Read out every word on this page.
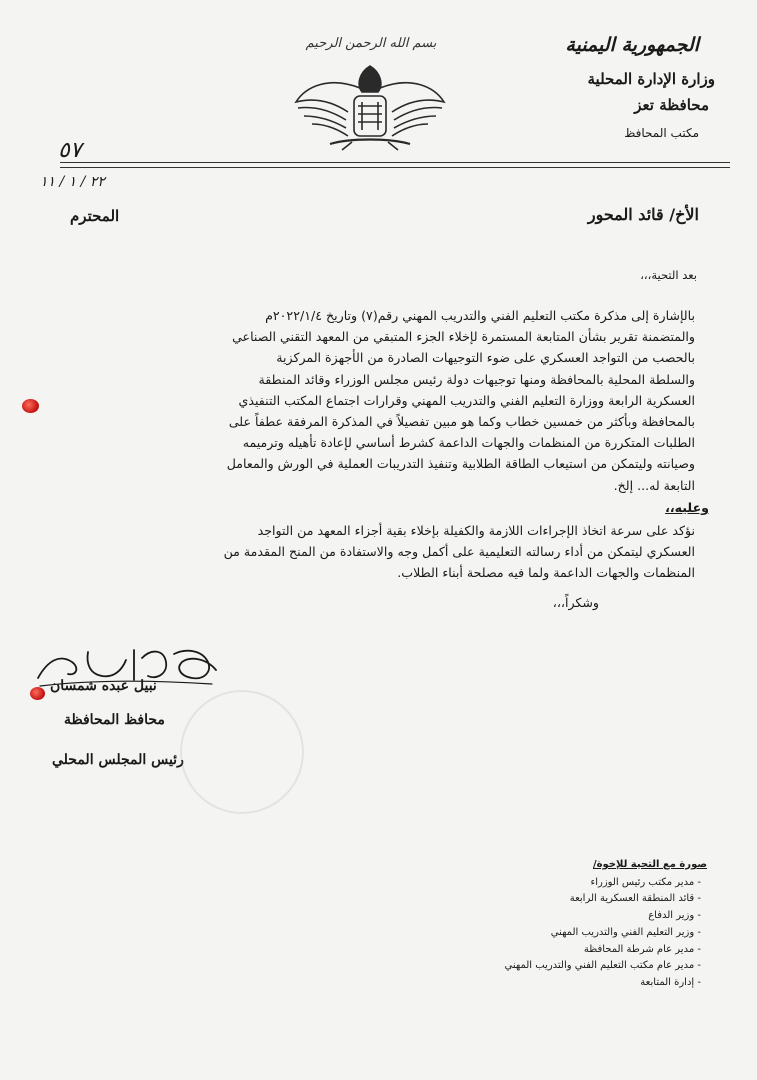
الجمهورية اليمنية
وزارة الإدارة المحلية
محافظة تعز
مكتب المحافظ
بسم الله الرحمن الرحيم
٥٧
٢٢ / ١ / ١١
الأخ/ قائد المحور
المحترم
بعد التحية،،،
بالإشارة إلى مذكرة مكتب التعليم الفني والتدريب المهني رقم(٧) وتاريخ ٢٠٢٢/١/٤م
والمتضمنة تقرير بشأن المتابعة المستمرة لإخلاء الجزء المتبقي من المعهد التقني الصناعي
بالحصب من التواجد العسكري على ضوء التوجيهات الصادرة من الأجهزة المركزية
والسلطة المحلية بالمحافظة ومنها توجيهات دولة رئيس مجلس الوزراء وقائد المنطقة
العسكرية الرابعة ووزارة التعليم الفني والتدريب المهني وقرارات اجتماع المكتب التنفيذي
بالمحافظة وبأكثر من خمسين خطاب وكما هو مبين تفصيلاً في المذكرة المرفقة عطفاً على
الطلبات المتكررة من المنظمات والجهات الداعمة كشرط أساسي لإعادة تأهيله وترميمه
وصيانته وليتمكن من استيعاب الطاقة الطلابية وتنفيذ التدريبات العملية في الورش والمعامل
التابعة له... إلخ.
وعليه،،
نؤكد على سرعة اتخاذ الإجراءات اللازمة والكفيلة بإخلاء بقية أجزاء المعهد من التواجد
العسكري ليتمكن من أداء رسالته التعليمية على أكمل وجه والاستفادة من المنح المقدمة من
المنظمات والجهات الداعمة ولما فيه مصلحة أبناء الطلاب.
وشكراً،،،
نبيل عبده شمسان
محافظ المحافظة
رئيس المجلس المحلي
صورة مع التحية للإخوة/
- مدير مكتب رئيس الوزراء
- قائد المنطقة العسكرية الرابعة
- وزير الدفاع
- وزير التعليم الفني والتدريب المهني
- مدير عام شرطة المحافظة
- مدير عام مكتب التعليم الفني والتدريب المهني
- إدارة المتابعة
